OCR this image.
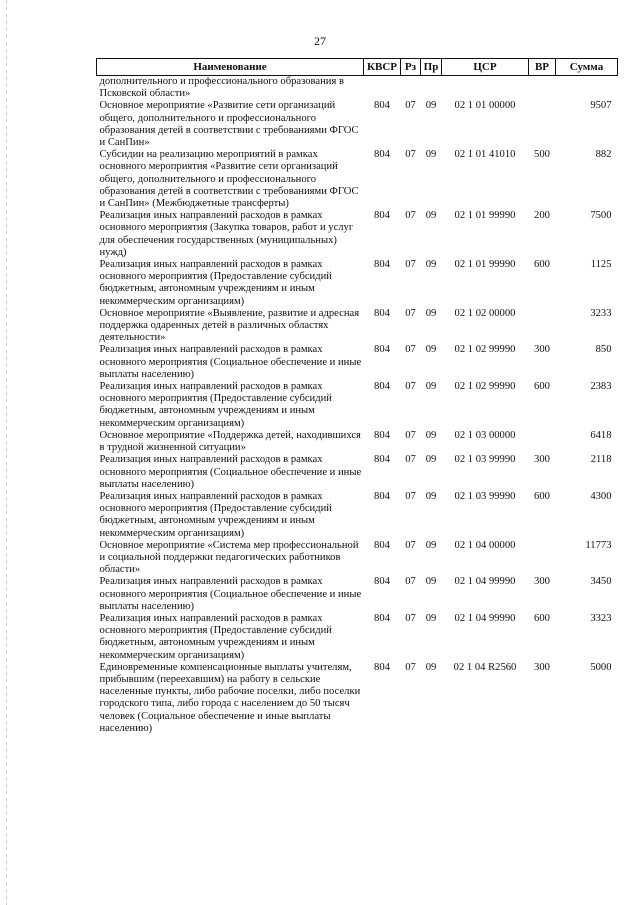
27
Наименование	КВСР	Рз	Пр	ЦСР	ВР	Сумма
дополнительного и профессионального образования в Псковской области»						
Основное мероприятие «Развитие сети организаций общего, дополнительного и профессионального образования детей в соответствии с требованиями ФГОС и СанПин»	804	07	09	02 1 01 00000		9507
Субсидии на реализацию мероприятий в рамках основного мероприятия «Развитие сети организаций общего, дополнительного и профессионального образования детей в соответствии с требованиями ФГОС и СанПин» (Межбюджетные трансферты)	804	07	09	02 1 01 41010	500	882
Реализация иных направлений расходов в рамках основного мероприятия (Закупка товаров, работ и услуг для обеспечения государственных (муниципальных) нужд)	804	07	09	02 1 01 99990	200	7500
Реализация иных направлений расходов в рамках основного мероприятия (Предоставление субсидий бюджетным, автономным учреждениям и иным некоммерческим организациям)	804	07	09	02 1 01 99990	600	1125
Основное мероприятие «Выявление, развитие и адресная поддержка одаренных детей в различных областях деятельности»	804	07	09	02 1 02 00000		3233
Реализация иных направлений расходов в рамках основного мероприятия (Социальное обеспечение и иные выплаты населению)	804	07	09	02 1 02 99990	300	850
Реализация иных направлений расходов в рамках основного мероприятия (Предоставление субсидий бюджетным, автономным учреждениям и иным некоммерческим организациям)	804	07	09	02 1 02 99990	600	2383
Основное мероприятие «Поддержка детей, находившихся в трудной жизненной ситуации»	804	07	09	02 1 03 00000		6418
Реализация иных направлений расходов в рамках основного мероприятия (Социальное обеспечение и иные выплаты населению)	804	07	09	02 1 03 99990	300	2118
Реализация иных направлений расходов в рамках основного мероприятия (Предоставление субсидий бюджетным, автономным учреждениям и иным некоммерческим организациям)	804	07	09	02 1 03 99990	600	4300
Основное мероприятие «Система мер профессиональной и социальной поддержки педагогических работников области»	804	07	09	02 1 04 00000		11773
Реализация иных направлений расходов в рамках основного мероприятия (Социальное обеспечение и иные выплаты населению)	804	07	09	02 1 04 99990	300	3450
Реализация иных направлений расходов в рамках основного мероприятия (Предоставление субсидий бюджетным, автономным учреждениям и иным некоммерческим организациям)	804	07	09	02 1 04 99990	600	3323
Единовременные компенсационные выплаты учителям, прибывшим (переехавшим) на работу в сельские населенные пункты, либо рабочие поселки, либо поселки городского типа, либо города с населением до 50 тысяч человек (Социальное обеспечение и иные выплаты населению)	804	07	09	02 1 04 R2560	300	5000
